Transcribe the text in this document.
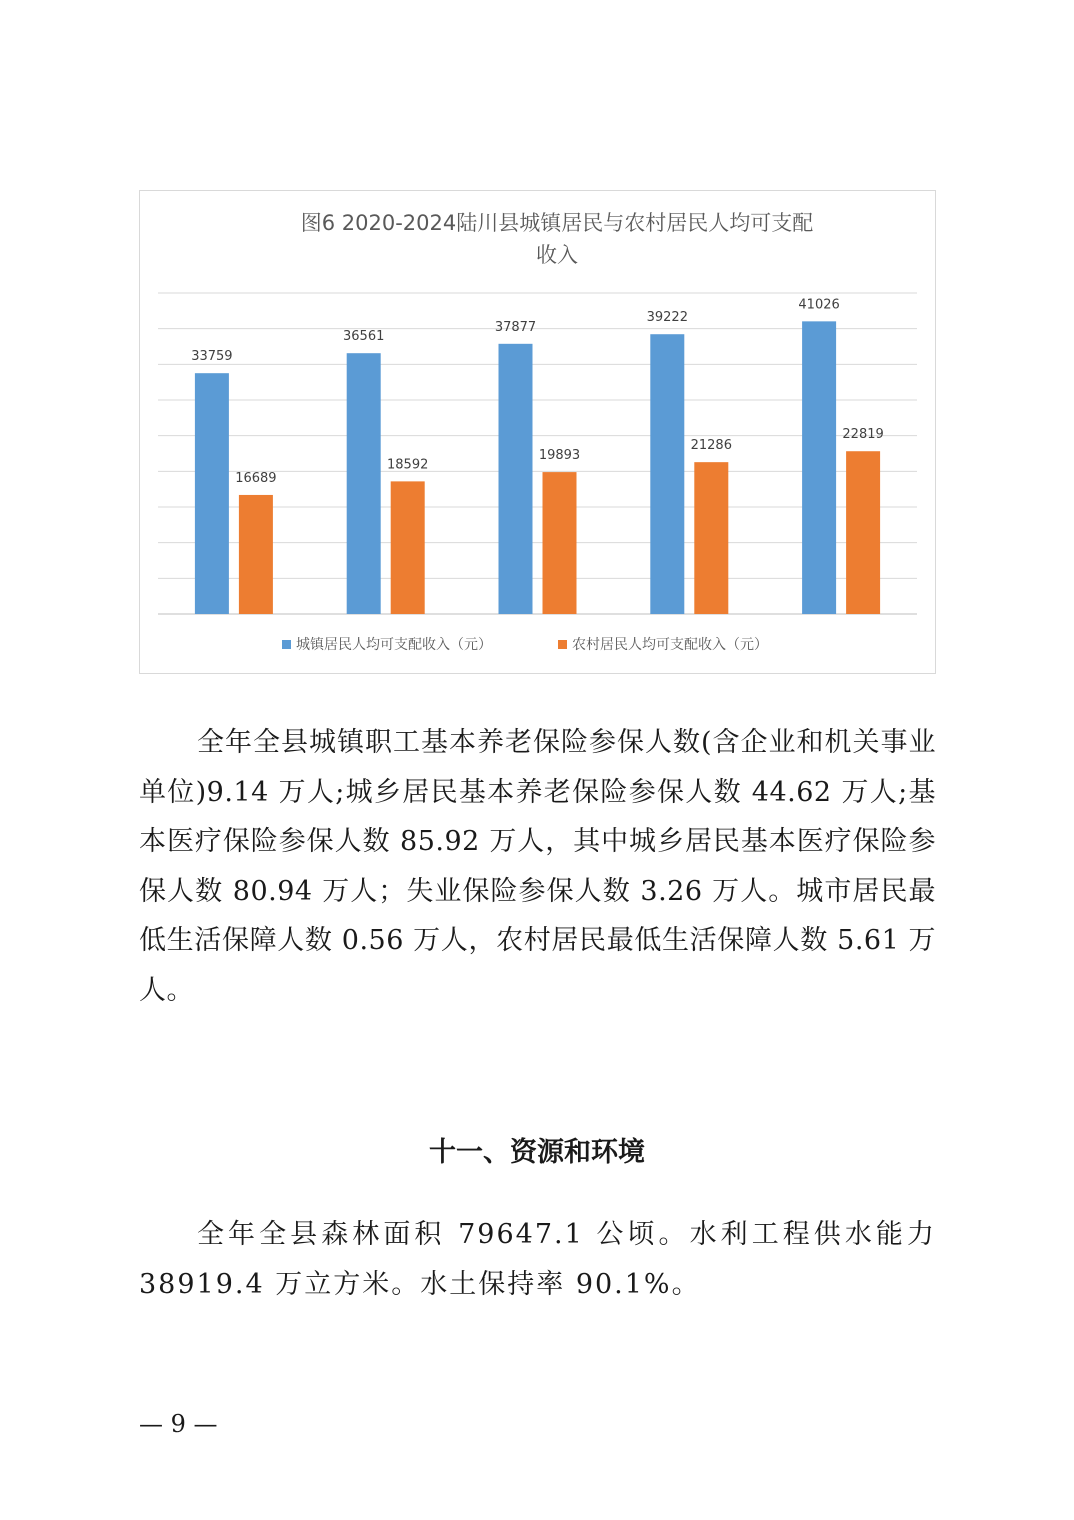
图6 2020-2024陆川县城镇居民与农村居民人均可支配
收入
33759
16689
36561
18592
37877
19893
39222
21286
41026
22819
城镇居民人均可支配收入（元）	农村居民人均可支配收入（元）

全年全县城镇职工基本养老保险参保人数(含企业和机关事业单位)9.14 万人;城乡居民基本养老保险参保人数 44.62 万人;基本医疗保险参保人数 85.92 万人，其中城乡居民基本医疗保险参保人数 80.94 万人；失业保险参保人数 3.26 万人。城市居民最低生活保障人数 0.56 万人，农村居民最低生活保障人数 5.61 万人。

十一、资源和环境

全年全县森林面积 79647.1 公顷。水利工程供水能力 38919.4 万立方米。水土保持率 90.1%。

— 9 —
